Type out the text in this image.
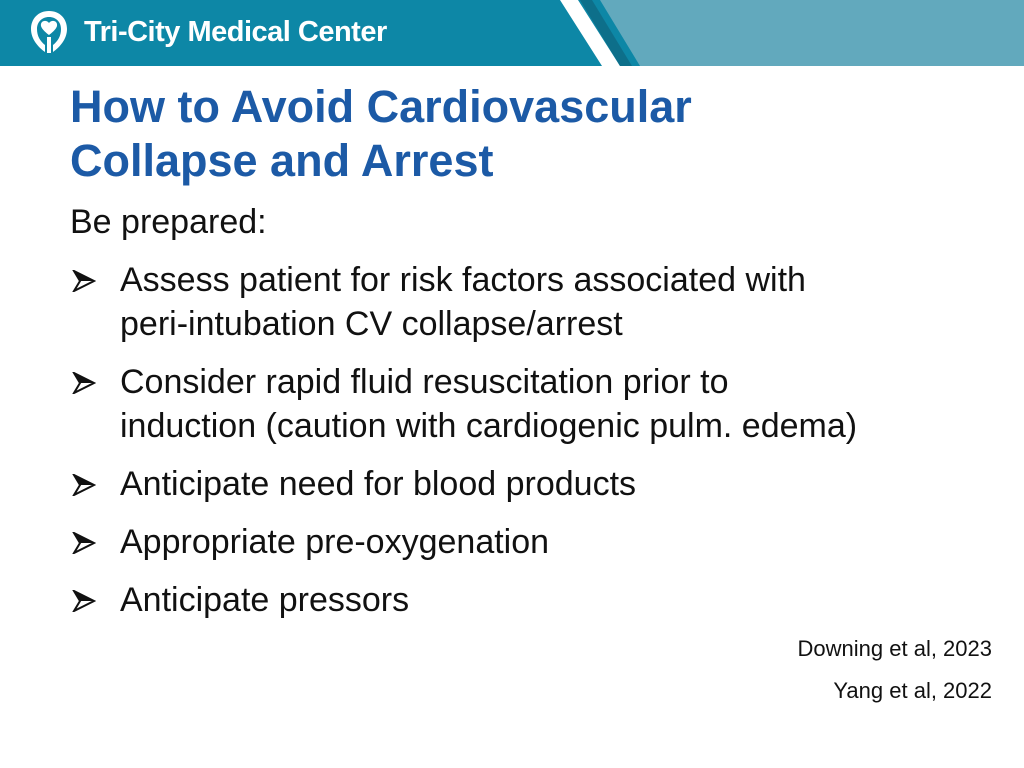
Tri-City Medical Center
How to Avoid Cardiovascular
Collapse and Arrest

Be prepared:

Assess patient for risk factors associated with
peri-intubation CV collapse/arrest
Consider rapid fluid resuscitation prior to
induction (caution with cardiogenic pulm. edema)
Anticipate need for blood products
Appropriate pre-oxygenation
Anticipate pressors
Downing et al, 2023
Yang et al, 2022
